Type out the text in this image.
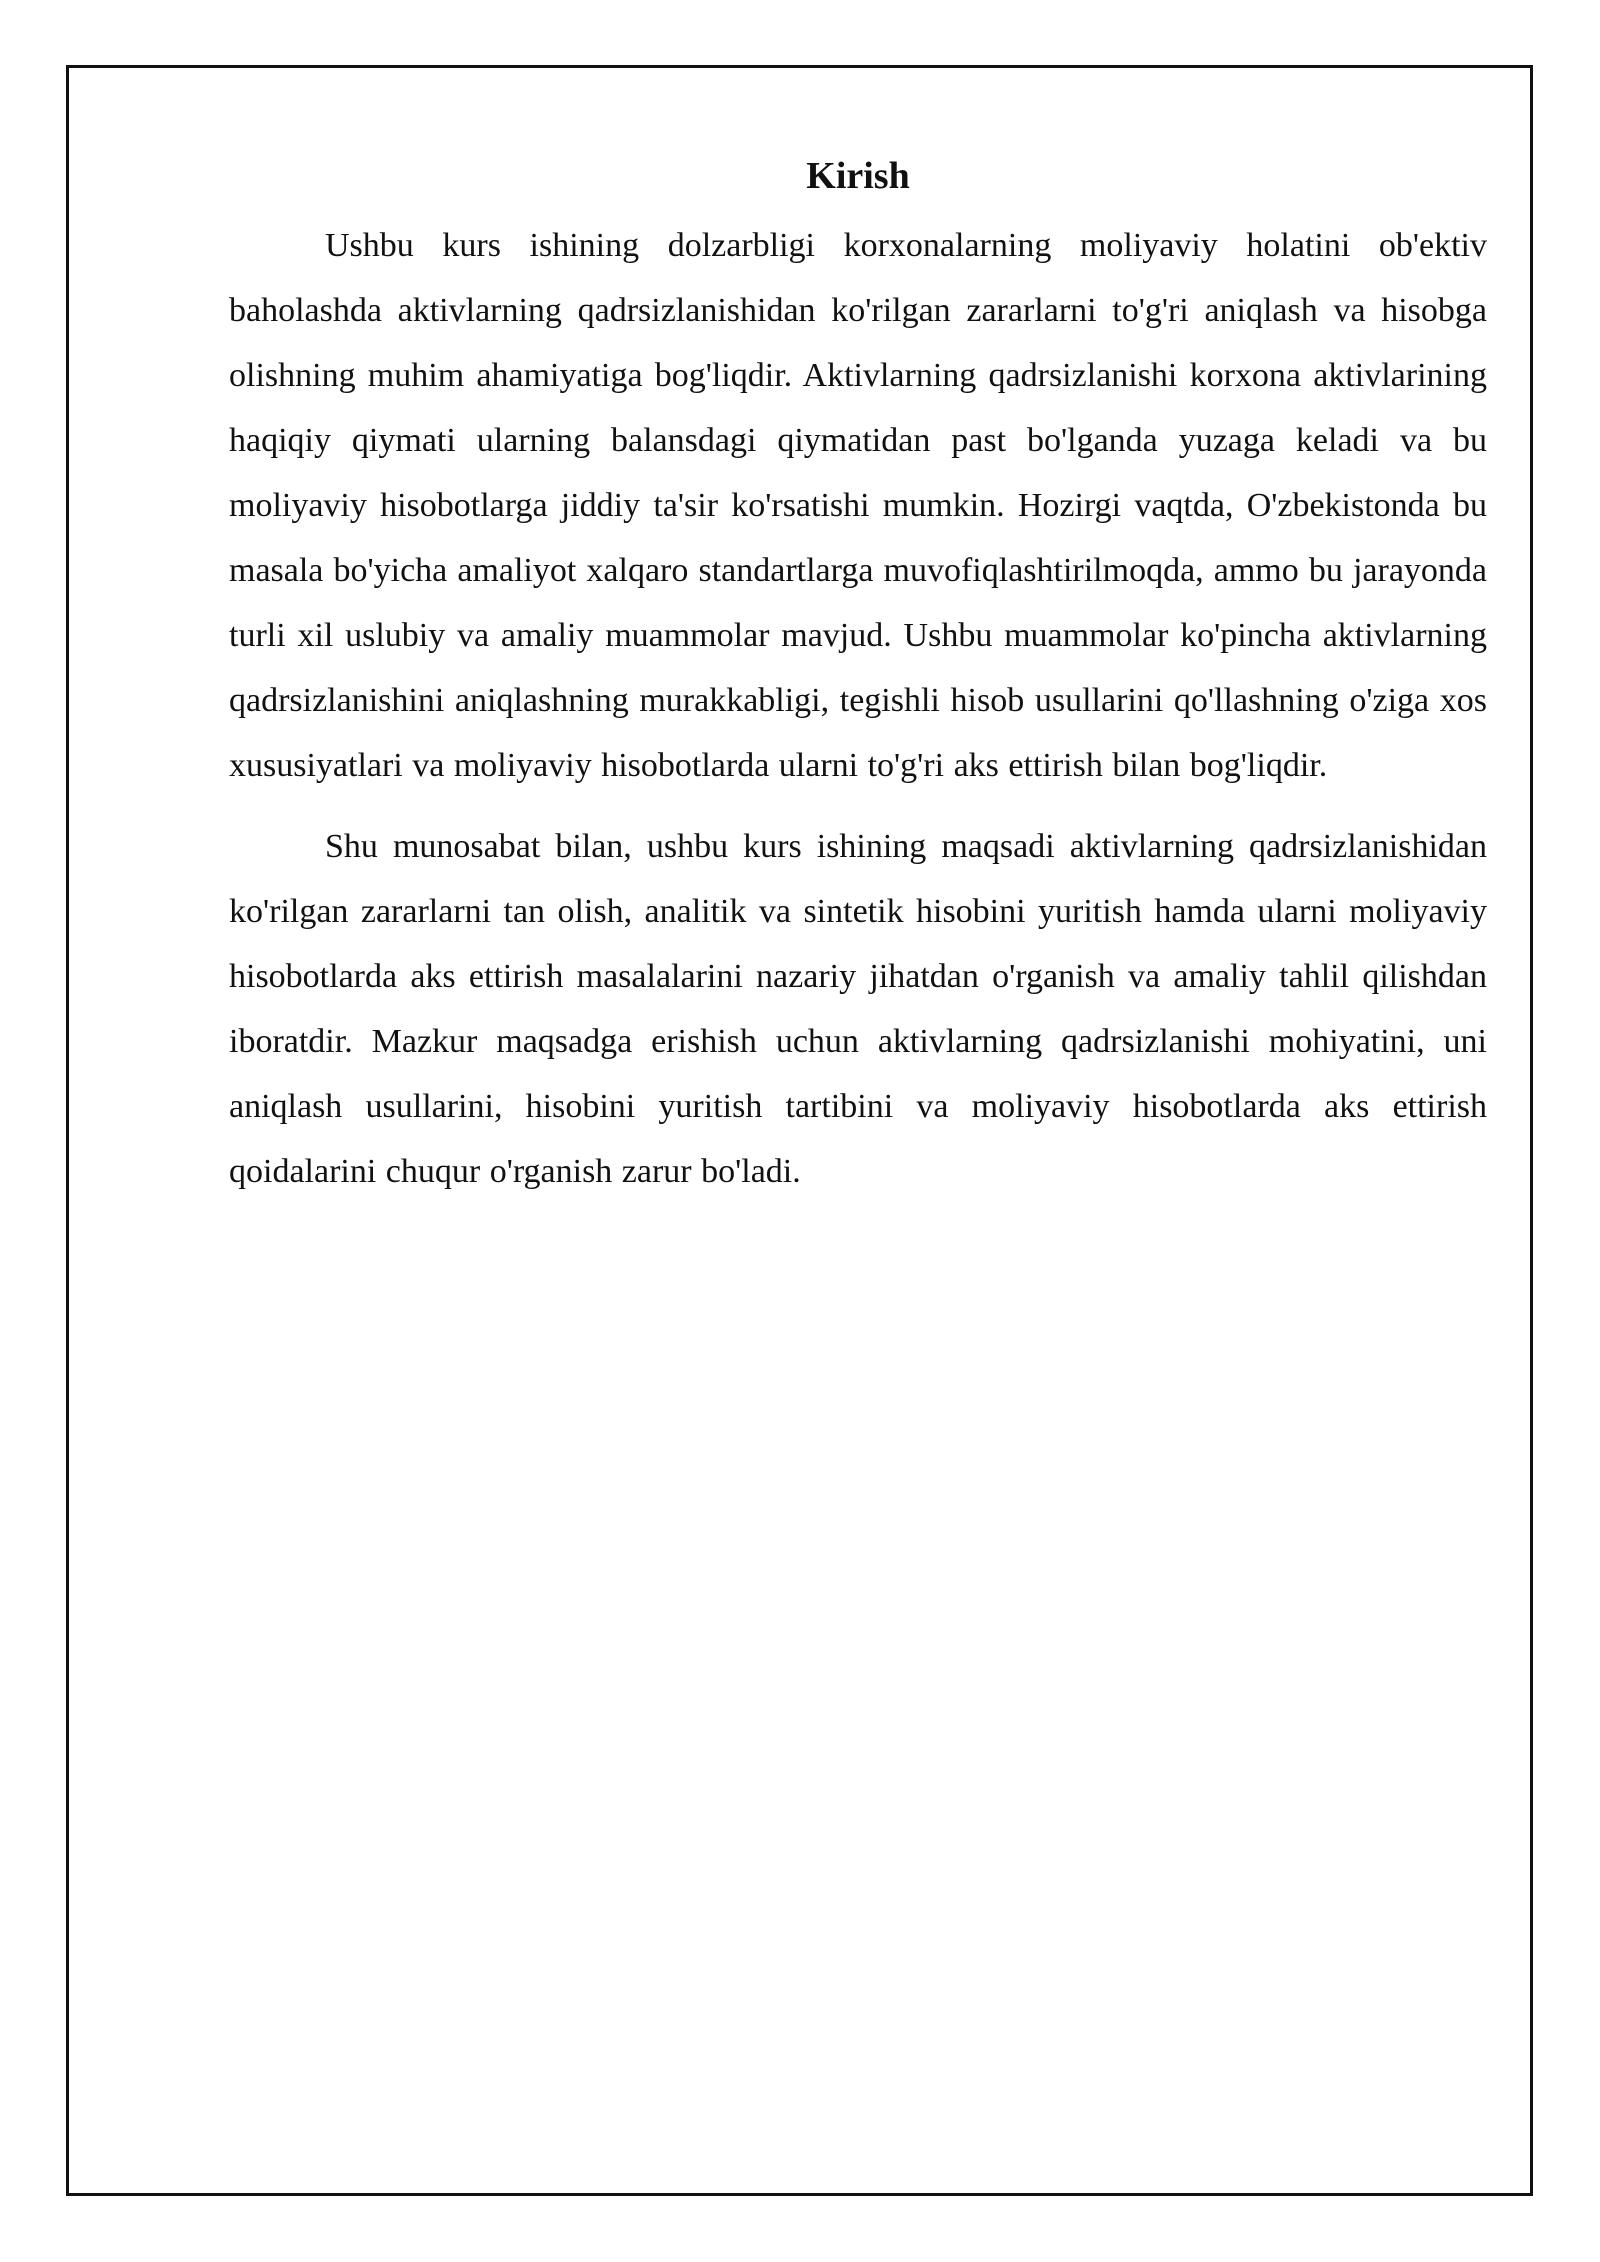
Kirish

Ushbu kurs ishining dolzarbligi korxonalarning moliyaviy holatini ob'ektiv baholashda aktivlarning qadrsizlanishidan ko'rilgan zararlarni to'g'ri aniqlash va hisobga olishning muhim ahamiyatiga bog'liqdir. Aktivlarning qadrsizlanishi korxona aktivlarining haqiqiy qiymati ularning balansdagi qiymatidan past bo'lganda yuzaga keladi va bu moliyaviy hisobotlarga jiddiy ta'sir ko'rsatishi mumkin. Hozirgi vaqtda, O'zbekistonda bu masala bo'yicha amaliyot xalqaro standartlarga muvofiqlashtirilmoqda, ammo bu jarayonda turli xil uslubiy va amaliy muammolar mavjud. Ushbu muammolar ko'pincha aktivlarning qadrsizlanishini aniqlashning murakkabligi, tegishli hisob usullarini qo'llashning o'ziga xos xususiyatlari va moliyaviy hisobotlarda ularni to'g'ri aks ettirish bilan bog'liqdir.

Shu munosabat bilan, ushbu kurs ishining maqsadi aktivlarning qadrsizlanishidan ko'rilgan zararlarni tan olish, analitik va sintetik hisobini yuritish hamda ularni moliyaviy hisobotlarda aks ettirish masalalarini nazariy jihatdan o'rganish va amaliy tahlil qilishdan iboratdir. Mazkur maqsadga erishish uchun aktivlarning qadrsizlanishi mohiyatini, uni aniqlash usullarini, hisobini yuritish tartibini va moliyaviy hisobotlarda aks ettirish qoidalarini chuqur o'rganish zarur bo'ladi.
